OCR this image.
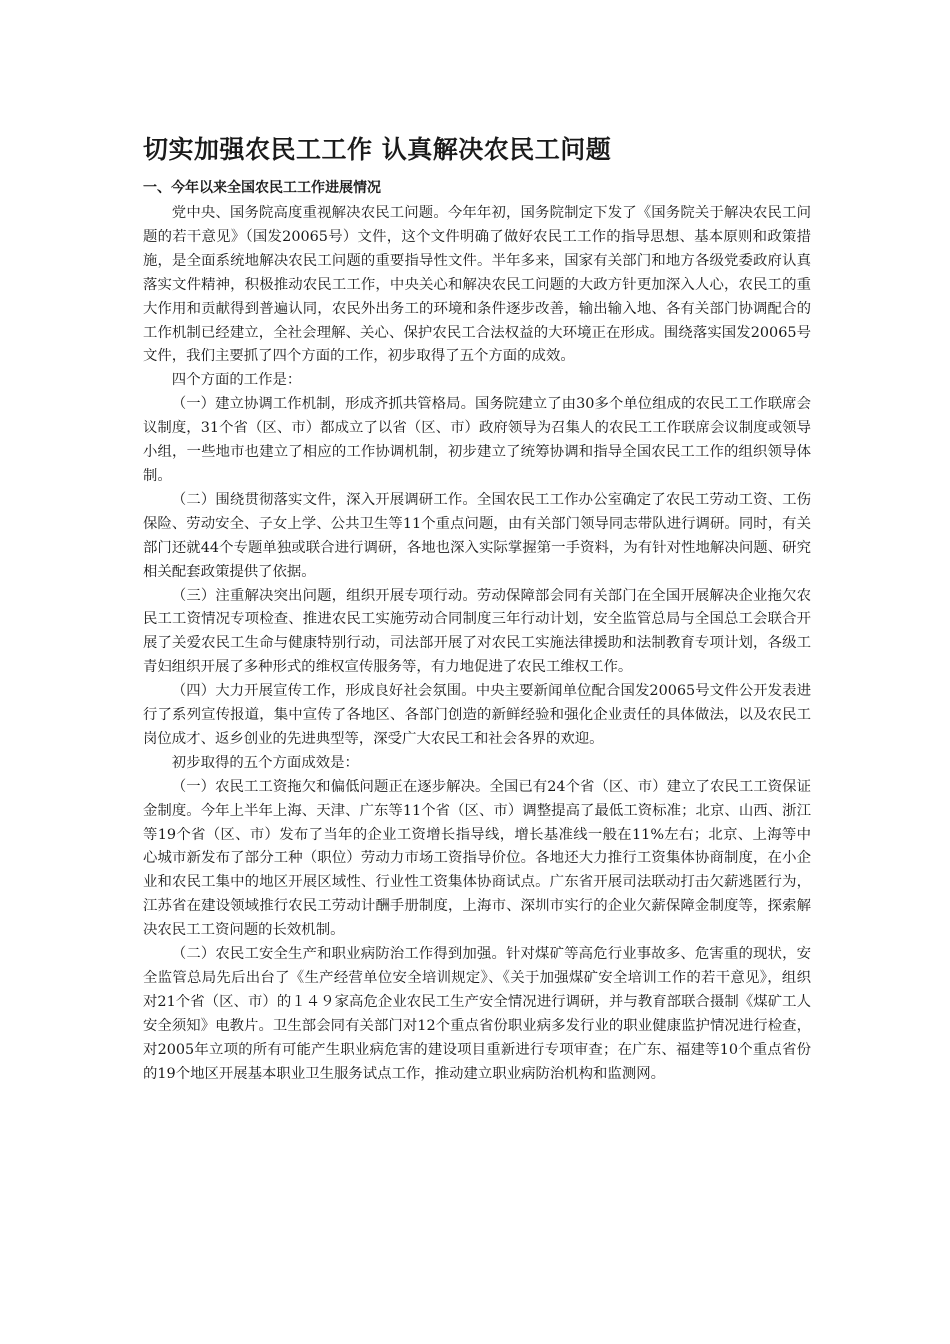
切实加强农民工工作 认真解决农民工问题
一、今年以来全国农民工工作进展情况

党中央、国务院高度重视解决农民工问题。今年年初，国务院制定下发了《国务院关于解决农民工问题的若干意见》（国发20065号）文件，这个文件明确了做好农民工工作的指导思想、基本原则和政策措施，是全面系统地解决农民工问题的重要指导性文件。半年多来，国家有关部门和地方各级党委政府认真落实文件精神，积极推动农民工工作，中央关心和解决农民工问题的大政方针更加深入人心，农民工的重大作用和贡献得到普遍认同，农民外出务工的环境和条件逐步改善，输出输入地、各有关部门协调配合的工作机制已经建立，全社会理解、关心、保护农民工合法权益的大环境正在形成。围绕落实国发20065号文件，我们主要抓了四个方面的工作，初步取得了五个方面的成效。

四个方面的工作是：

（一）建立协调工作机制，形成齐抓共管格局。国务院建立了由30多个单位组成的农民工工作联席会议制度，31个省（区、市）都成立了以省（区、市）政府领导为召集人的农民工工作联席会议制度或领导小组，一些地市也建立了相应的工作协调机制，初步建立了统筹协调和指导全国农民工工作的组织领导体制。

（二）围绕贯彻落实文件，深入开展调研工作。全国农民工工作办公室确定了农民工劳动工资、工伤保险、劳动安全、子女上学、公共卫生等11个重点问题，由有关部门领导同志带队进行调研。同时，有关部门还就44个专题单独或联合进行调研，各地也深入实际掌握第一手资料，为有针对性地解决问题、研究相关配套政策提供了依据。

（三）注重解决突出问题，组织开展专项行动。劳动保障部会同有关部门在全国开展解决企业拖欠农民工工资情况专项检查、推进农民工实施劳动合同制度三年行动计划，安全监管总局与全国总工会联合开展了关爱农民工生命与健康特别行动，司法部开展了对农民工实施法律援助和法制教育专项计划，各级工青妇组织开展了多种形式的维权宣传服务等，有力地促进了农民工维权工作。

（四）大力开展宣传工作，形成良好社会氛围。中央主要新闻单位配合国发20065号文件公开发表进行了系列宣传报道，集中宣传了各地区、各部门创造的新鲜经验和强化企业责任的具体做法，以及农民工岗位成才、返乡创业的先进典型等，深受广大农民工和社会各界的欢迎。

初步取得的五个方面成效是：

（一）农民工工资拖欠和偏低问题正在逐步解决。全国已有24个省（区、市）建立了农民工工资保证金制度。今年上半年上海、天津、广东等11个省（区、市）调整提高了最低工资标准；北京、山西、浙江等19个省（区、市）发布了当年的企业工资增长指导线，增长基准线一般在11%左右；北京、上海等中心城市新发布了部分工种（职位）劳动力市场工资指导价位。各地还大力推行工资集体协商制度，在小企业和农民工集中的地区开展区域性、行业性工资集体协商试点。广东省开展司法联动打击欠薪逃匿行为，江苏省在建设领域推行农民工劳动计酬手册制度，上海市、深圳市实行的企业欠薪保障金制度等，探索解决农民工工资问题的长效机制。

（二）农民工安全生产和职业病防治工作得到加强。针对煤矿等高危行业事故多、危害重的现状，安全监管总局先后出台了《生产经营单位安全培训规定》、《关于加强煤矿安全培训工作的若干意见》，组织对21个省（区、市）的１４９家高危企业农民工生产安全情况进行调研，并与教育部联合摄制《煤矿工人安全须知》电教片。卫生部会同有关部门对12个重点省份职业病多发行业的职业健康监护情况进行检查，对2005年立项的所有可能产生职业病危害的建设项目重新进行专项审查；在广东、福建等10个重点省份的19个地区开展基本职业卫生服务试点工作，推动建立职业病防治机构和监测网。
